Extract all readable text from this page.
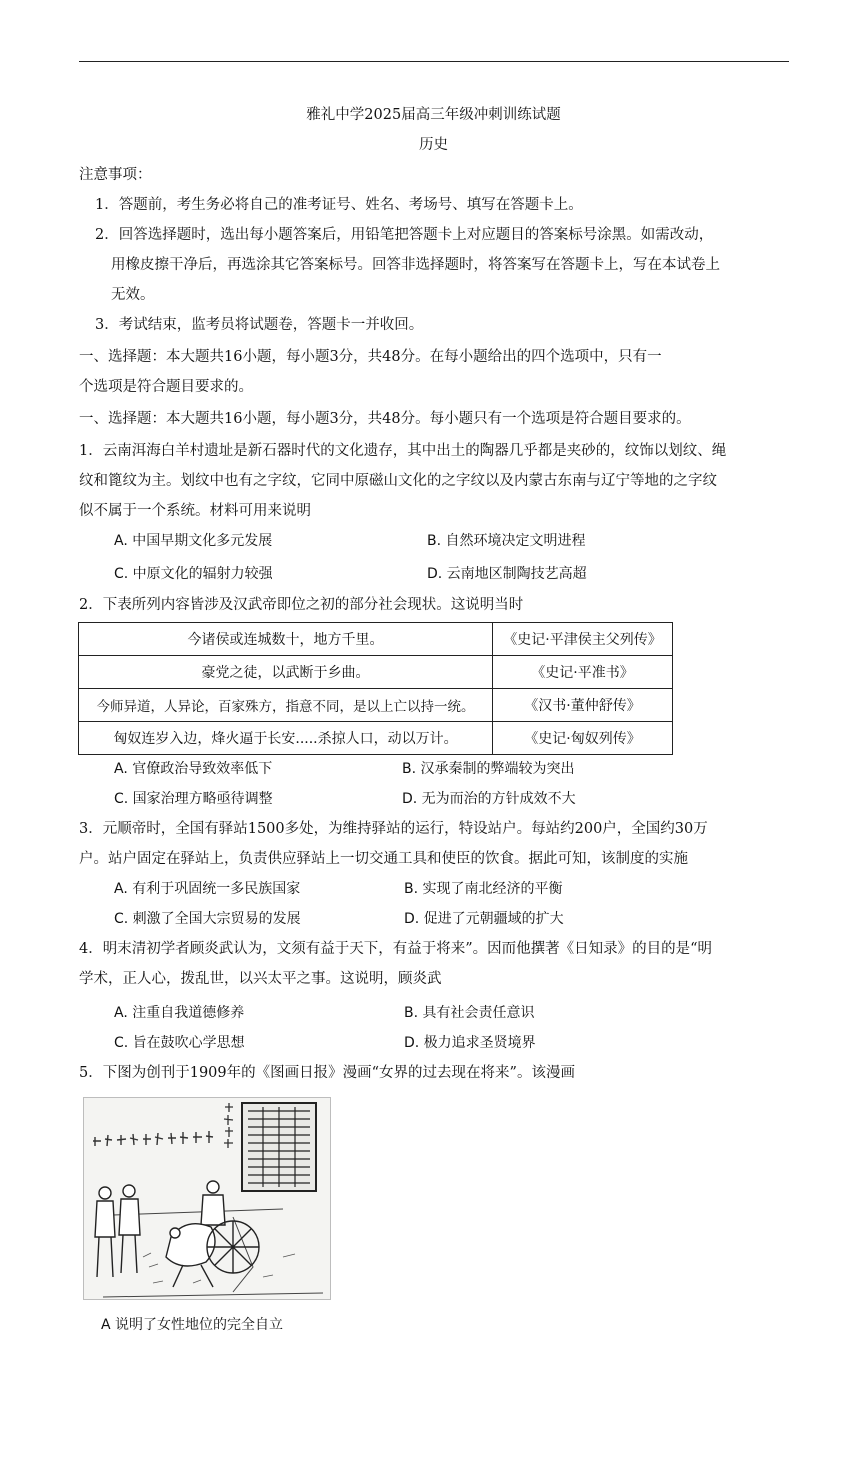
雅礼中学2025届高三年级冲刺训练试题
历史
注意事项：
1．答题前，考生务必将自己的准考证号、姓名、考场号、填写在答题卡上。
2．回答选择题时，选出每小题答案后，用铅笔把答题卡上对应题目的答案标号涂黑。如需改动，
用橡皮擦干净后，再选涂其它答案标号。回答非选择题时，将答案写在答题卡上，写在本试卷上
无效。
3．考试结束，监考员将试题卷，答题卡一并收回。
一、选择题：本大题共16小题，每小题3分，共48分。在每小题给出的四个选项中，只有一
个选项是符合题目要求的。
一、选择题：本大题共16小题，每小题3分，共48分。每小题只有一个选项是符合题目要求的。
1．云南洱海白羊村遗址是新石器时代的文化遗存，其中出土的陶器几乎都是夹砂的，纹饰以划纹、绳
纹和篦纹为主。划纹中也有之字纹，它同中原磁山文化的之字纹以及内蒙古东南与辽宁等地的之字纹
似不属于一个系统。材料可用来说明
A. 中国早期文化多元发展	B. 自然环境决定文明进程
C. 中原文化的辐射力较强	D. 云南地区制陶技艺高超
2．下表所列内容皆涉及汉武帝即位之初的部分社会现状。这说明当时
今诸侯或连城数十，地方千里。	《史记·平津侯主父列传》
豪党之徒，以武断于乡曲。	《史记·平准书》
今师异道，人异论，百家殊方，指意不同，是以上亡以持一统。	《汉书·董仲舒传》
匈奴连岁入边，烽火逼于长安.....杀掠人口，动以万计。	《史记·匈奴列传》
A. 官僚政治导致效率低下	B. 汉承秦制的弊端较为突出
C. 国家治理方略亟待调整	D. 无为而治的方针成效不大
3．元顺帝时，全国有驿站1500多处，为维持驿站的运行，特设站户。每站约200户，全国约30万
户。站户固定在驿站上，负责供应驿站上一切交通工具和使臣的饮食。据此可知，该制度的实施
A. 有利于巩固统一多民族国家	B. 实现了南北经济的平衡
C. 刺激了全国大宗贸易的发展	D. 促进了元朝疆域的扩大
4．明末清初学者顾炎武认为，文须有益于天下，有益于将来”。因而他撰著《日知录》的目的是“明
学术，正人心，拨乱世，以兴太平之事。这说明，顾炎武
A. 注重自我道德修养	B. 具有社会责任意识
C. 旨在鼓吹心学思想	D. 极力追求圣贤境界
5．下图为创刊于1909年的《图画日报》漫画“女界的过去现在将来”。该漫画
A 说明了女性地位的完全自立
